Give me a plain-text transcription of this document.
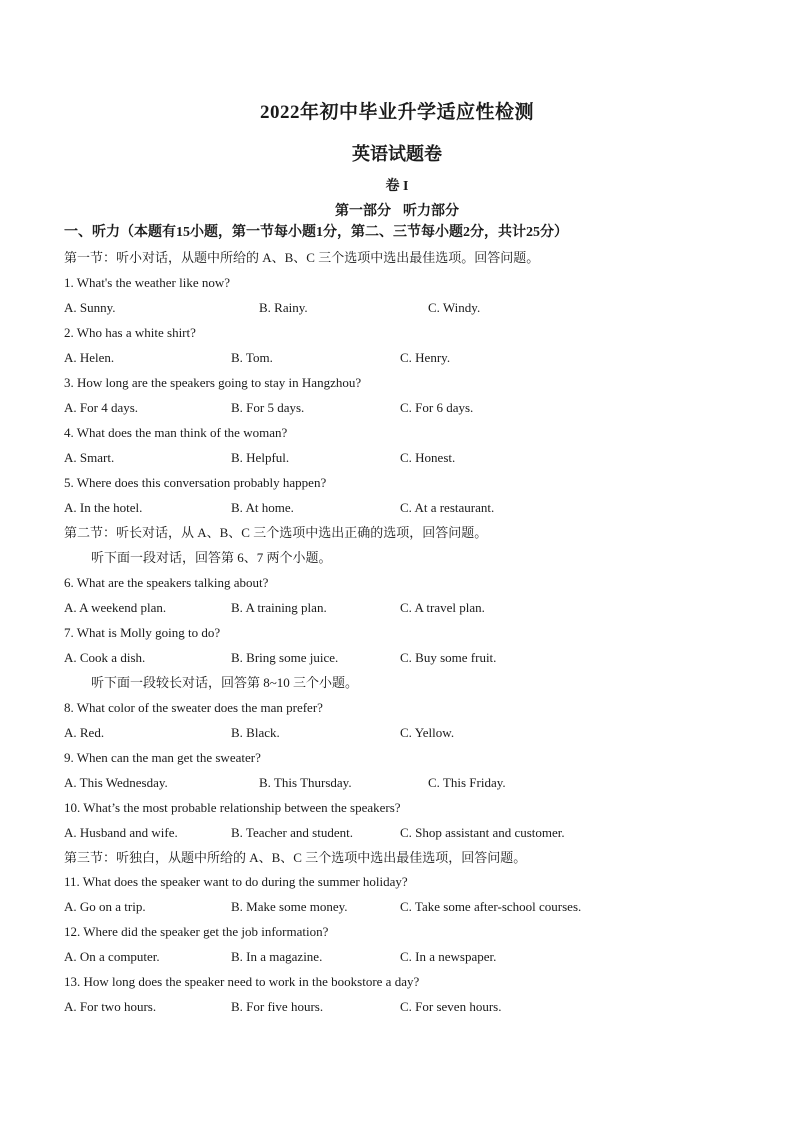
2022年初中毕业升学适应性检测
英语试题卷
卷 I
第一部分 听力部分
一、听力（本题有15小题，第一节每小题1分，第二、三节每小题2分，共计25分）
第一节：听小对话，从题中所给的 A、B、C 三个选项中选出最佳选项。回答问题。
1. What's the weather like now?
A. Sunny.	B. Rainy.	C. Windy.
2. Who has a white shirt?
A. Helen.	B. Tom.	C. Henry.
3. How long are the speakers going to stay in Hangzhou?
A. For 4 days.	B. For 5 days.	C. For 6 days.
4. What does the man think of the woman?
A. Smart.	B. Helpful.	C. Honest.
5. Where does this conversation probably happen?
A. In the hotel.	B. At home.	C. At a restaurant.
第二节：听长对话，从 A、B、C 三个选项中选出正确的选项，回答问题。
听下面一段对话，回答第 6、7 两个小题。
6. What are the speakers talking about?
A. A weekend plan.	B. A training plan.	C. A travel plan.
7. What is Molly going to do?
A. Cook a dish.	B. Bring some juice.	C. Buy some fruit.
听下面一段较长对话，回答第 8~10 三个小题。
8. What color of the sweater does the man prefer?
A. Red.	B. Black.	C. Yellow.
9. When can the man get the sweater?
A. This Wednesday.	B. This Thursday.	C. This Friday.
10. What’s the most probable relationship between the speakers?
A. Husband and wife.	B. Teacher and student.	C. Shop assistant and customer.
第三节：听独白，从题中所给的 A、B、C 三个选项中选出最佳选项，回答问题。
11. What does the speaker want to do during the summer holiday?
A. Go on a trip.	B. Make some money.	C. Take some after-school courses.
12. Where did the speaker get the job information?
A. On a computer.	B. In a magazine.	C. In a newspaper.
13. How long does the speaker need to work in the bookstore a day?
A. For two hours.	B. For five hours.	C. For seven hours.
